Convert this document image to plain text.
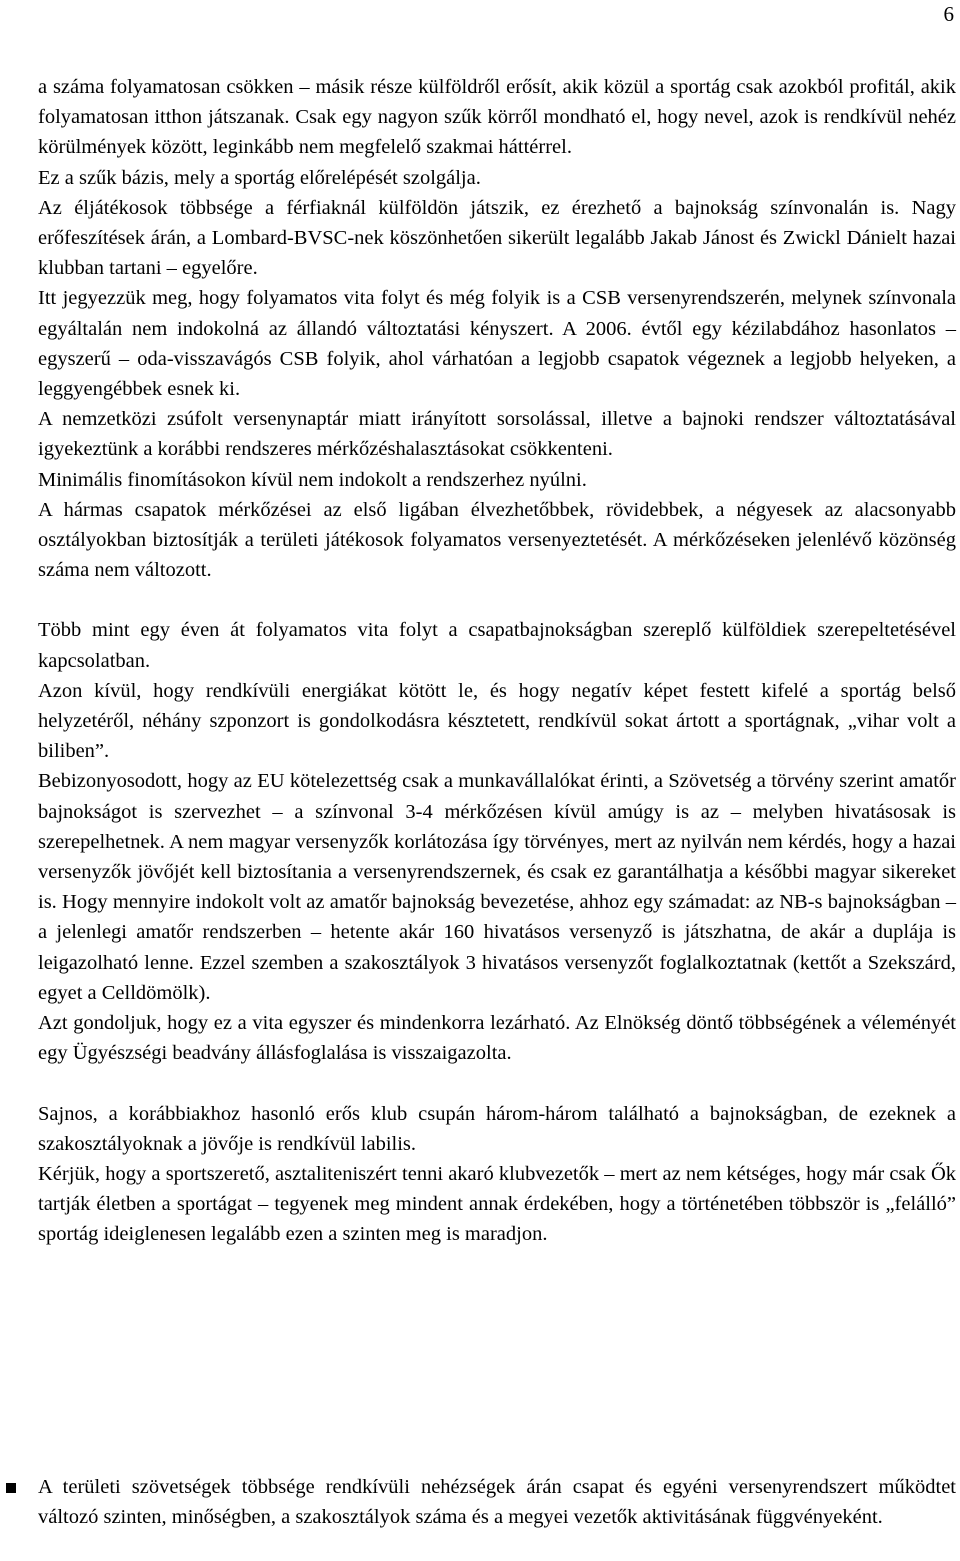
6

a száma folyamatosan csökken – másik része külföldről erősít, akik közül a sportág csak azokból profitál, akik folyamatosan itthon játszanak. Csak egy nagyon szűk körről mondható el, hogy nevel, azok is rendkívül nehéz körülmények között, leginkább nem megfelelő szakmai háttérrel.

Ez a szűk bázis, mely a sportág előrelépését szolgálja.

Az éljátékosok többsége a férfiaknál külföldön játszik, ez érezhető a bajnokság színvonalán is. Nagy erőfeszítések árán, a Lombard-BVSC-nek köszönhetően sikerült legalább Jakab Jánost és Zwickl Dánielt hazai klubban tartani – egyelőre.

Itt jegyezzük meg, hogy folyamatos vita folyt és még folyik is a CSB versenyrendszerén, melynek színvonala egyáltalán nem indokolná az állandó változtatási kényszert. A 2006. évtől egy kézilabdához hasonlatos – egyszerű – oda-visszavágós CSB folyik, ahol várhatóan a legjobb csapatok végeznek a legjobb helyeken, a leggyengébbek esnek ki.

A nemzetközi zsúfolt versenynaptár miatt irányított sorsolással, illetve a bajnoki rendszer változtatásával igyekeztünk a korábbi rendszeres mérkőzéshalasztásokat csökkenteni.

Minimális finomításokon kívül nem indokolt a rendszerhez nyúlni.

A hármas csapatok mérkőzései az első ligában élvezhetőbbek, rövidebbek, a négyesek az alacsonyabb osztályokban biztosítják a területi játékosok folyamatos versenyeztetését. A mérkőzéseken jelenlévő közönség száma nem változott.

Több mint egy éven át folyamatos vita folyt a csapatbajnokságban szereplő külföldiek szerepeltetésével kapcsolatban.

Azon kívül, hogy rendkívüli energiákat kötött le, és hogy negatív képet festett kifelé a sportág belső helyzetéről, néhány szponzort is gondolkodásra késztetett, rendkívül sokat ártott a sportágnak, „vihar volt a biliben”.

Bebizonyosodott, hogy az EU kötelezettség csak a munkavállalókat érinti, a Szövetség a törvény szerint amatőr bajnokságot is szervezhet – a színvonal 3-4 mérkőzésen kívül amúgy is az – melyben hivatásosak is szerepelhetnek. A nem magyar versenyzők korlátozása így törvényes, mert az nyilván nem kérdés, hogy a hazai versenyzők jövőjét kell biztosítania a versenyrendszernek, és csak ez garantálhatja a későbbi magyar sikereket is. Hogy mennyire indokolt volt az amatőr bajnokság bevezetése, ahhoz egy számadat: az NB-s bajnokságban – a jelenlegi amatőr rendszerben – hetente akár 160 hivatásos versenyző is játszhatna, de akár a duplája is leigazolható lenne. Ezzel szemben a szakosztályok 3 hivatásos versenyzőt foglalkoztatnak (kettőt a Szekszárd, egyet a Celldömölk).

Azt gondoljuk, hogy ez a vita egyszer és mindenkorra lezárható. Az Elnökség döntő többségének a véleményét egy Ügyészségi beadvány állásfoglalása is visszaigazolta.

Sajnos, a korábbiakhoz hasonló erős klub csupán három-három található a bajnokságban, de ezeknek a szakosztályoknak a jövője is rendkívül labilis.

Kérjük, hogy a sportszerető, asztaliteniszért tenni akaró klubvezetők – mert az nem kétséges, hogy már csak Ők tartják életben a sportágat – tegyenek meg mindent annak érdekében, hogy a történetében többször is „felálló” sportág ideiglenesen legalább ezen a szinten meg is maradjon.

A területi szövetségek többsége rendkívüli nehézségek árán csapat és egyéni versenyrendszert működtet változó szinten, minőségben, a szakosztályok száma és a megyei vezetők aktivitásának függvényeként.
